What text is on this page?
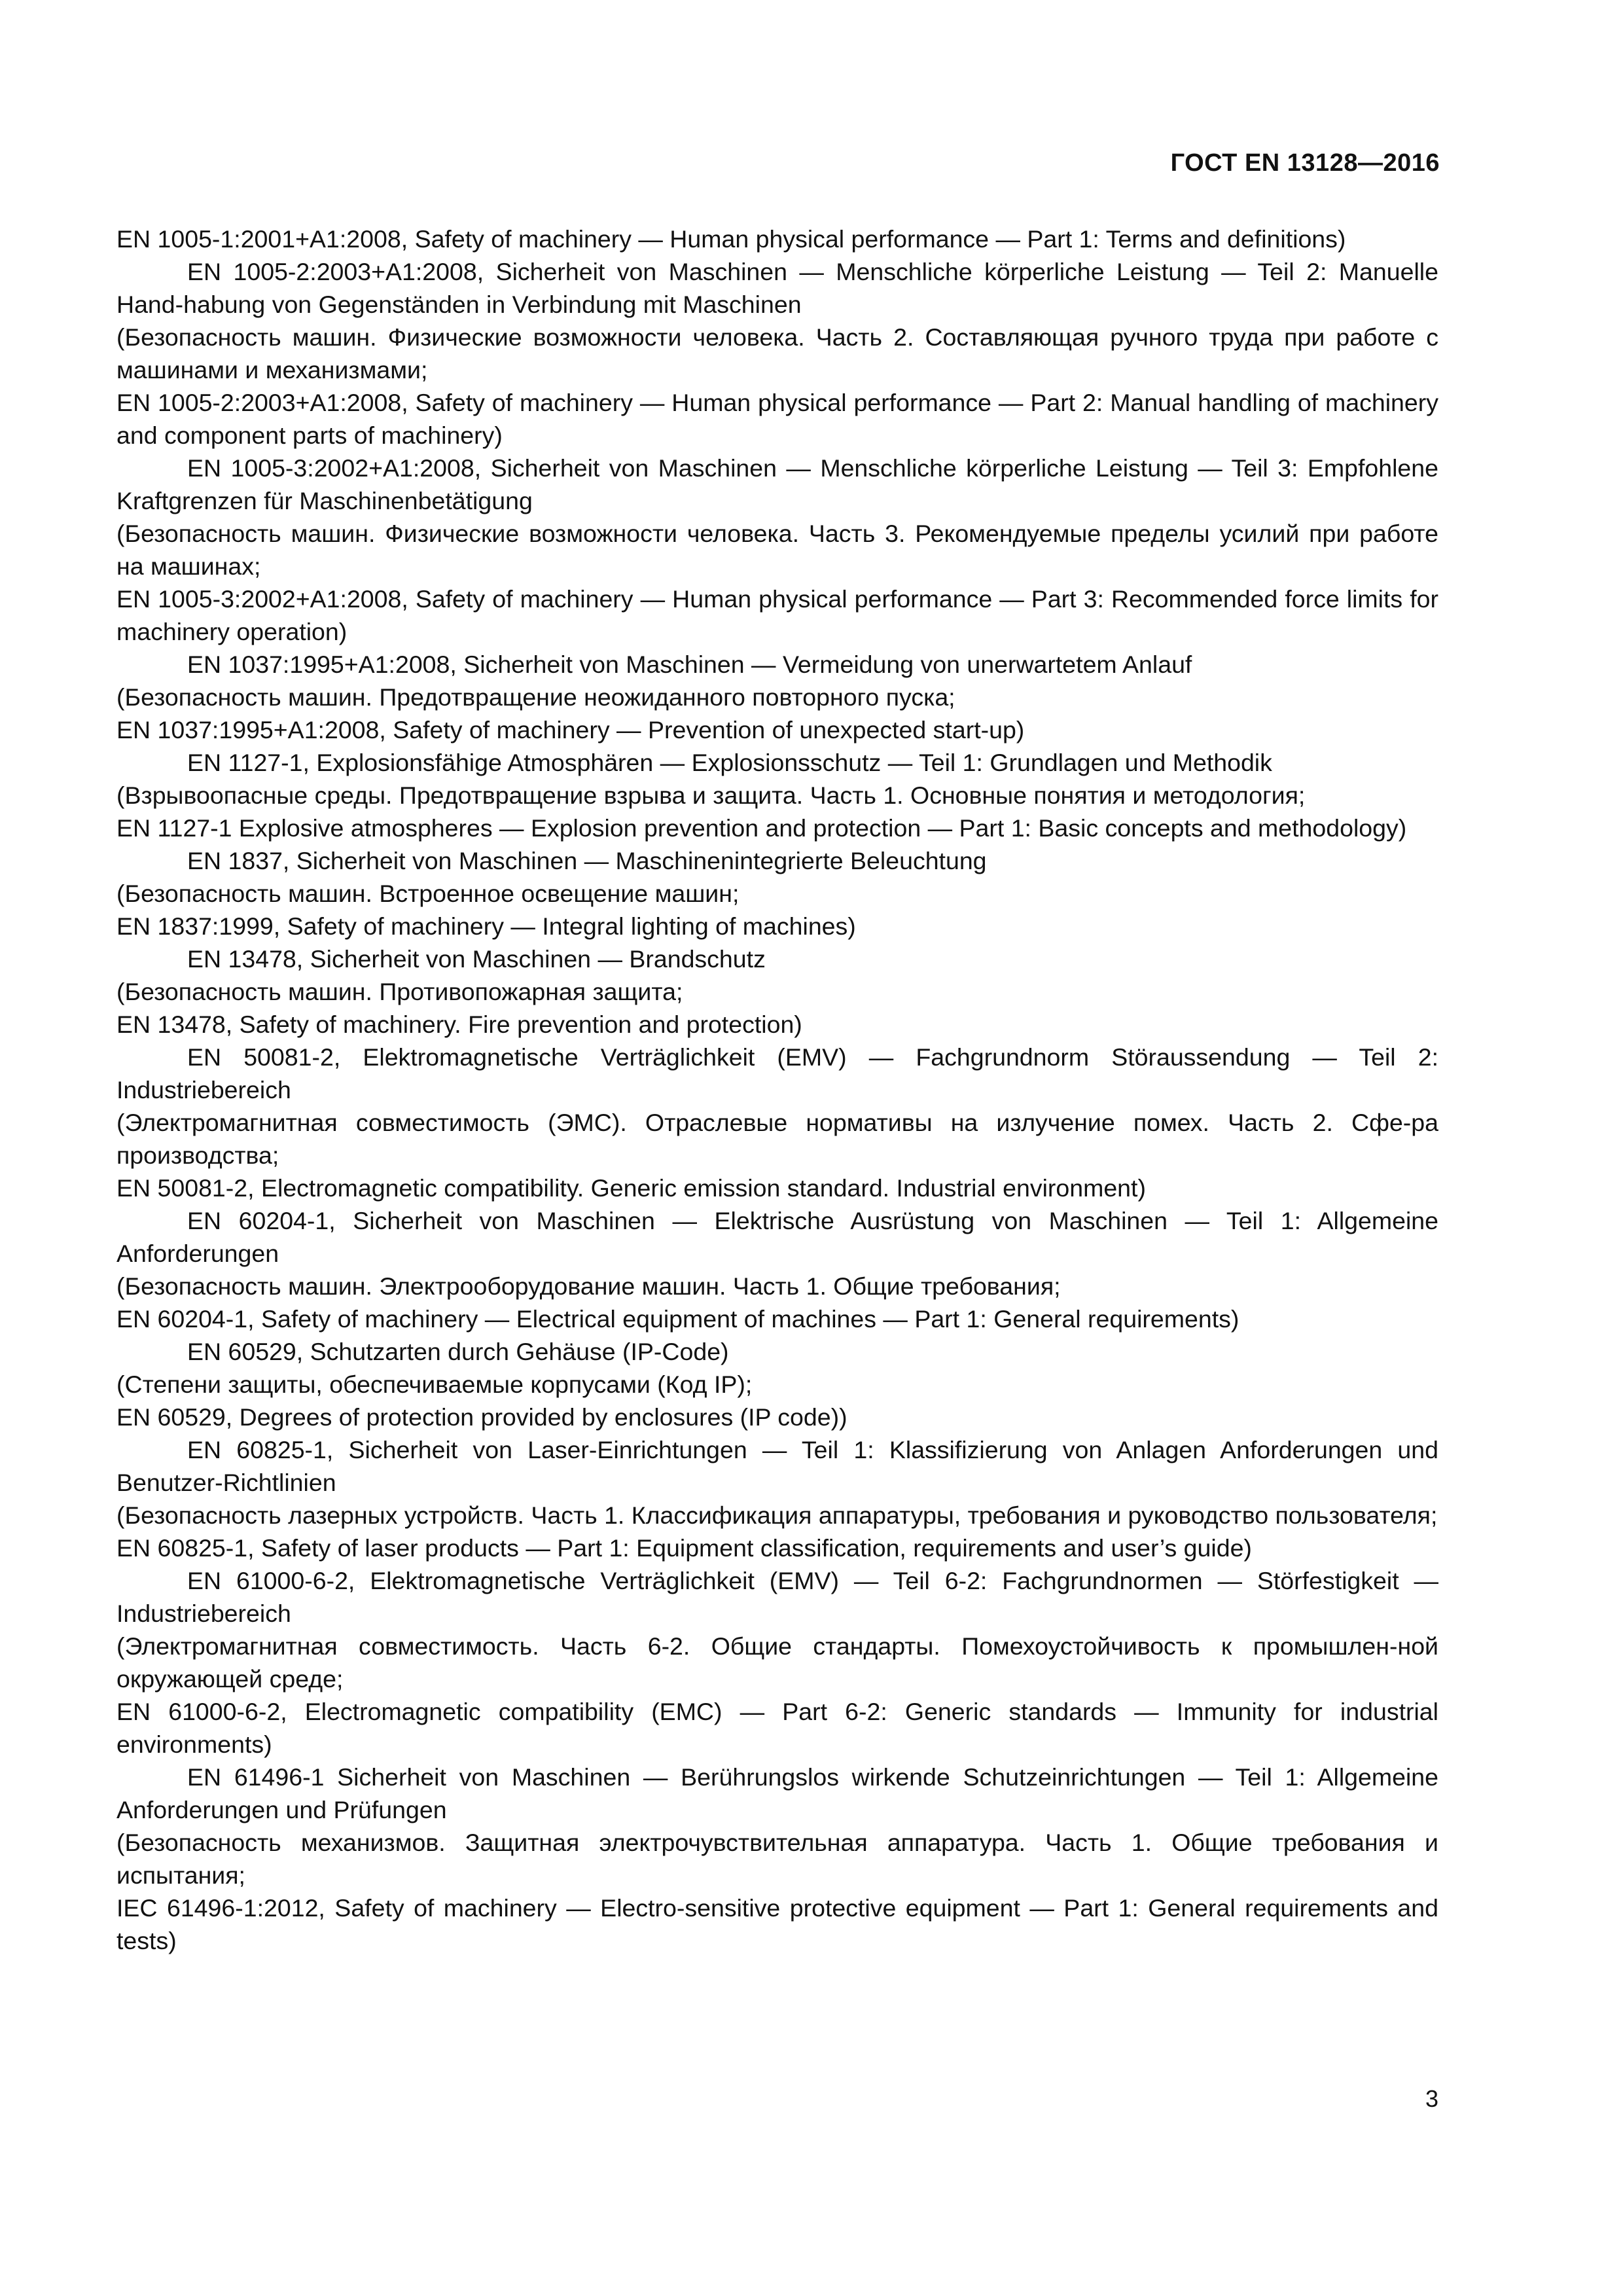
ГОСТ EN 13128—2016

EN 1005-1:2001+A1:2008, Safety of machinery — Human physical performance — Part 1: Terms and definitions)

EN 1005-2:2003+A1:2008, Sicherheit von Maschinen — Menschliche körperliche Leistung — Teil 2: Manuelle Hand-habung von Gegenständen in Verbindung mit Maschinen

(Безопасность машин. Физические возможности человека. Часть 2. Составляющая ручного труда при работе с машинами и механизмами;

EN 1005-2:2003+A1:2008, Safety of machinery — Human physical performance — Part 2: Manual handling of machinery and component parts of machinery)

EN 1005-3:2002+A1:2008, Sicherheit von Maschinen — Menschliche körperliche Leistung — Teil 3: Empfohlene Kraftgrenzen für Maschinenbetätigung

(Безопасность машин. Физические возможности человека. Часть 3. Рекомендуемые пределы усилий при работе на машинах;

EN 1005-3:2002+A1:2008, Safety of machinery — Human physical performance — Part 3: Recommended force limits for machinery operation)

EN 1037:1995+A1:2008, Sicherheit von Maschinen — Vermeidung von unerwartetem Anlauf

(Безопасность машин. Предотвращение неожиданного повторного пуска;

EN 1037:1995+A1:2008, Safety of machinery — Prevention of unexpected start-up)

EN 1127-1, Explosionsfähige Atmosphären — Explosionsschutz — Teil 1: Grundlagen und Methodik

(Взрывоопасные среды. Предотвращение взрыва и защита. Часть 1. Основные понятия и методология;

EN 1127-1 Explosive atmospheres — Explosion prevention and protection — Part 1: Basic concepts and methodology)

EN 1837, Sicherheit von Maschinen — Maschinenintegrierte Beleuchtung

(Безопасность машин. Встроенное освещение машин;

EN 1837:1999, Safety of machinery — Integral lighting of machines)

EN 13478, Sicherheit von Maschinen — Brandschutz

(Безопасность машин. Противопожарная защита;

EN 13478, Safety of machinery. Fire prevention and protection)

EN 50081-2, Elektromagnetische Verträglichkeit (EMV) — Fachgrundnorm Störaussendung — Teil 2: Industriebereich

(Электромагнитная совместимость (ЭМС). Отраслевые нормативы на излучение помех. Часть 2. Сфе-ра производства;

EN 50081-2, Electromagnetic compatibility. Generic emission standard. Industrial environment)

EN 60204-1, Sicherheit von Maschinen — Elektrische Ausrüstung von Maschinen — Teil 1: Allgemeine Anforderungen

(Безопасность машин. Электрооборудование машин. Часть 1. Общие требования;

EN 60204-1, Safety of machinery — Electrical equipment of machines — Part 1: General requirements)

EN 60529, Schutzarten durch Gehäuse (IP-Code)

(Степени защиты, обеспечиваемые корпусами (Код IP);

EN 60529, Degrees of protection provided by enclosures (IP code))

EN 60825-1, Sicherheit von Laser-Einrichtungen — Teil 1: Klassifizierung von Anlagen Anforderungen und Benutzer-Richtlinien

(Безопасность лазерных устройств. Часть 1. Классификация аппаратуры, требования и руководство пользователя;

EN 60825-1, Safety of laser products — Part 1: Equipment classification, requirements and user’s guide)

EN 61000-6-2, Elektromagnetische Verträglichkeit (EMV) — Teil 6-2: Fachgrundnormen — Störfestigkeit — Industriebereich

(Электромагнитная совместимость. Часть 6-2. Общие стандарты. Помехоустойчивость к промышлен-ной окружающей среде;

EN 61000-6-2, Electromagnetic compatibility (EMC) — Part 6-2: Generic standards — Immunity for industrial environments)

EN 61496-1 Sicherheit von Maschinen — Berührungslos wirkende Schutzeinrichtungen — Teil 1: Allgemeine Anforderungen und Prüfungen

(Безопасность механизмов. Защитная электрочувствительная аппаратура. Часть 1. Общие требования и испытания;

IEC 61496-1:2012, Safety of machinery — Electro-sensitive protective equipment — Part 1: General requirements and tests)

3
